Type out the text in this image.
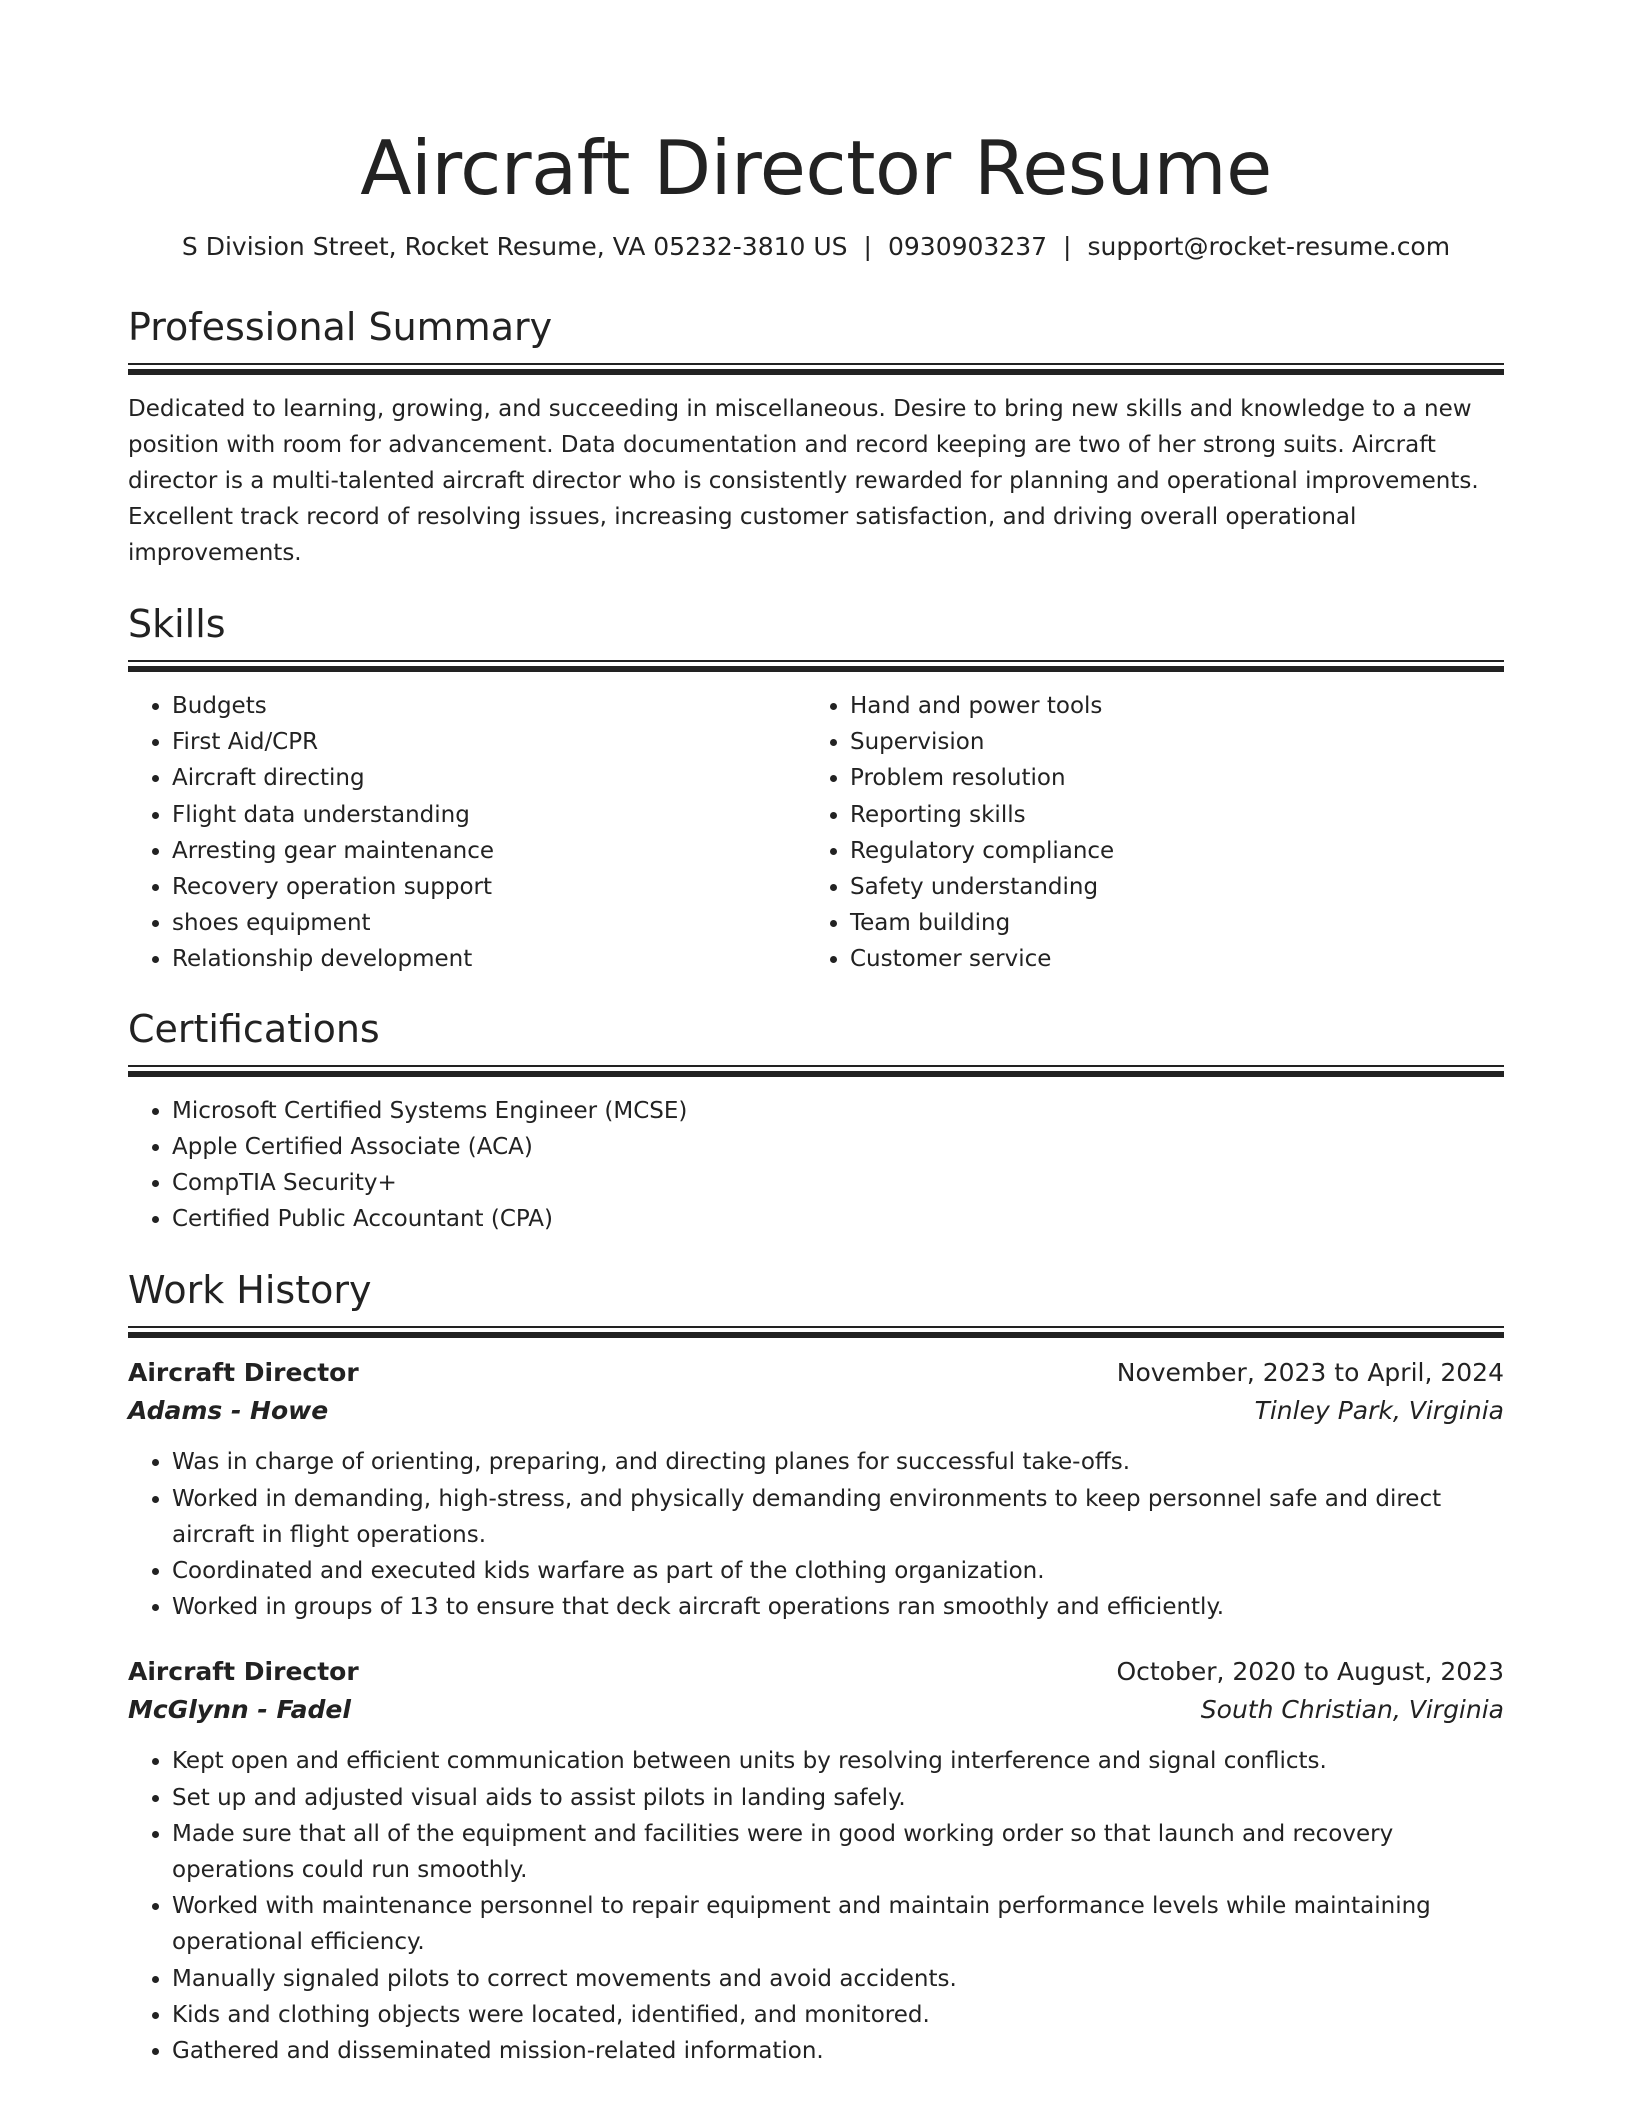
Aircraft Director Resume
S Division Street, Rocket Resume, VA 05232-3810 US | 0930903237 | support@rocket-resume.com
Professional Summary

Dedicated to learning, growing, and succeeding in miscellaneous. Desire to bring new skills and knowledge to a new position with room for advancement. Data documentation and record keeping are two of her strong suits. Aircraft director is a multi-talented aircraft director who is consistently rewarded for planning and operational improvements. Excellent track record of resolving issues, increasing customer satisfaction, and driving overall operational improvements.

Skills
• Budgets
• First Aid/CPR
• Aircraft directing
• Flight data understanding
• Arresting gear maintenance
• Recovery operation support
• shoes equipment
• Relationship development
• Hand and power tools
• Supervision
• Problem resolution
• Reporting skills
• Regulatory compliance
• Safety understanding
• Team building
• Customer service
Certifications
• Microsoft Certified Systems Engineer (MCSE)
• Apple Certified Associate (ACA)
• CompTIA Security+
• Certified Public Accountant (CPA)
Work History
Aircraft Director	November, 2023 to April, 2024
Adams - Howe	Tinley Park, Virginia
• Was in charge of orienting, preparing, and directing planes for successful take-offs.
• Worked in demanding, high-stress, and physically demanding environments to keep personnel safe and direct aircraft in flight operations.
• Coordinated and executed kids warfare as part of the clothing organization.
• Worked in groups of 13 to ensure that deck aircraft operations ran smoothly and efficiently.
Aircraft Director	October, 2020 to August, 2023
McGlynn - Fadel	South Christian, Virginia
• Kept open and efficient communication between units by resolving interference and signal conflicts.
• Set up and adjusted visual aids to assist pilots in landing safely.
• Made sure that all of the equipment and facilities were in good working order so that launch and recovery operations could run smoothly.
• Worked with maintenance personnel to repair equipment and maintain performance levels while maintaining operational efficiency.
• Manually signaled pilots to correct movements and avoid accidents.
• Kids and clothing objects were located, identified, and monitored.
• Gathered and disseminated mission-related information.
